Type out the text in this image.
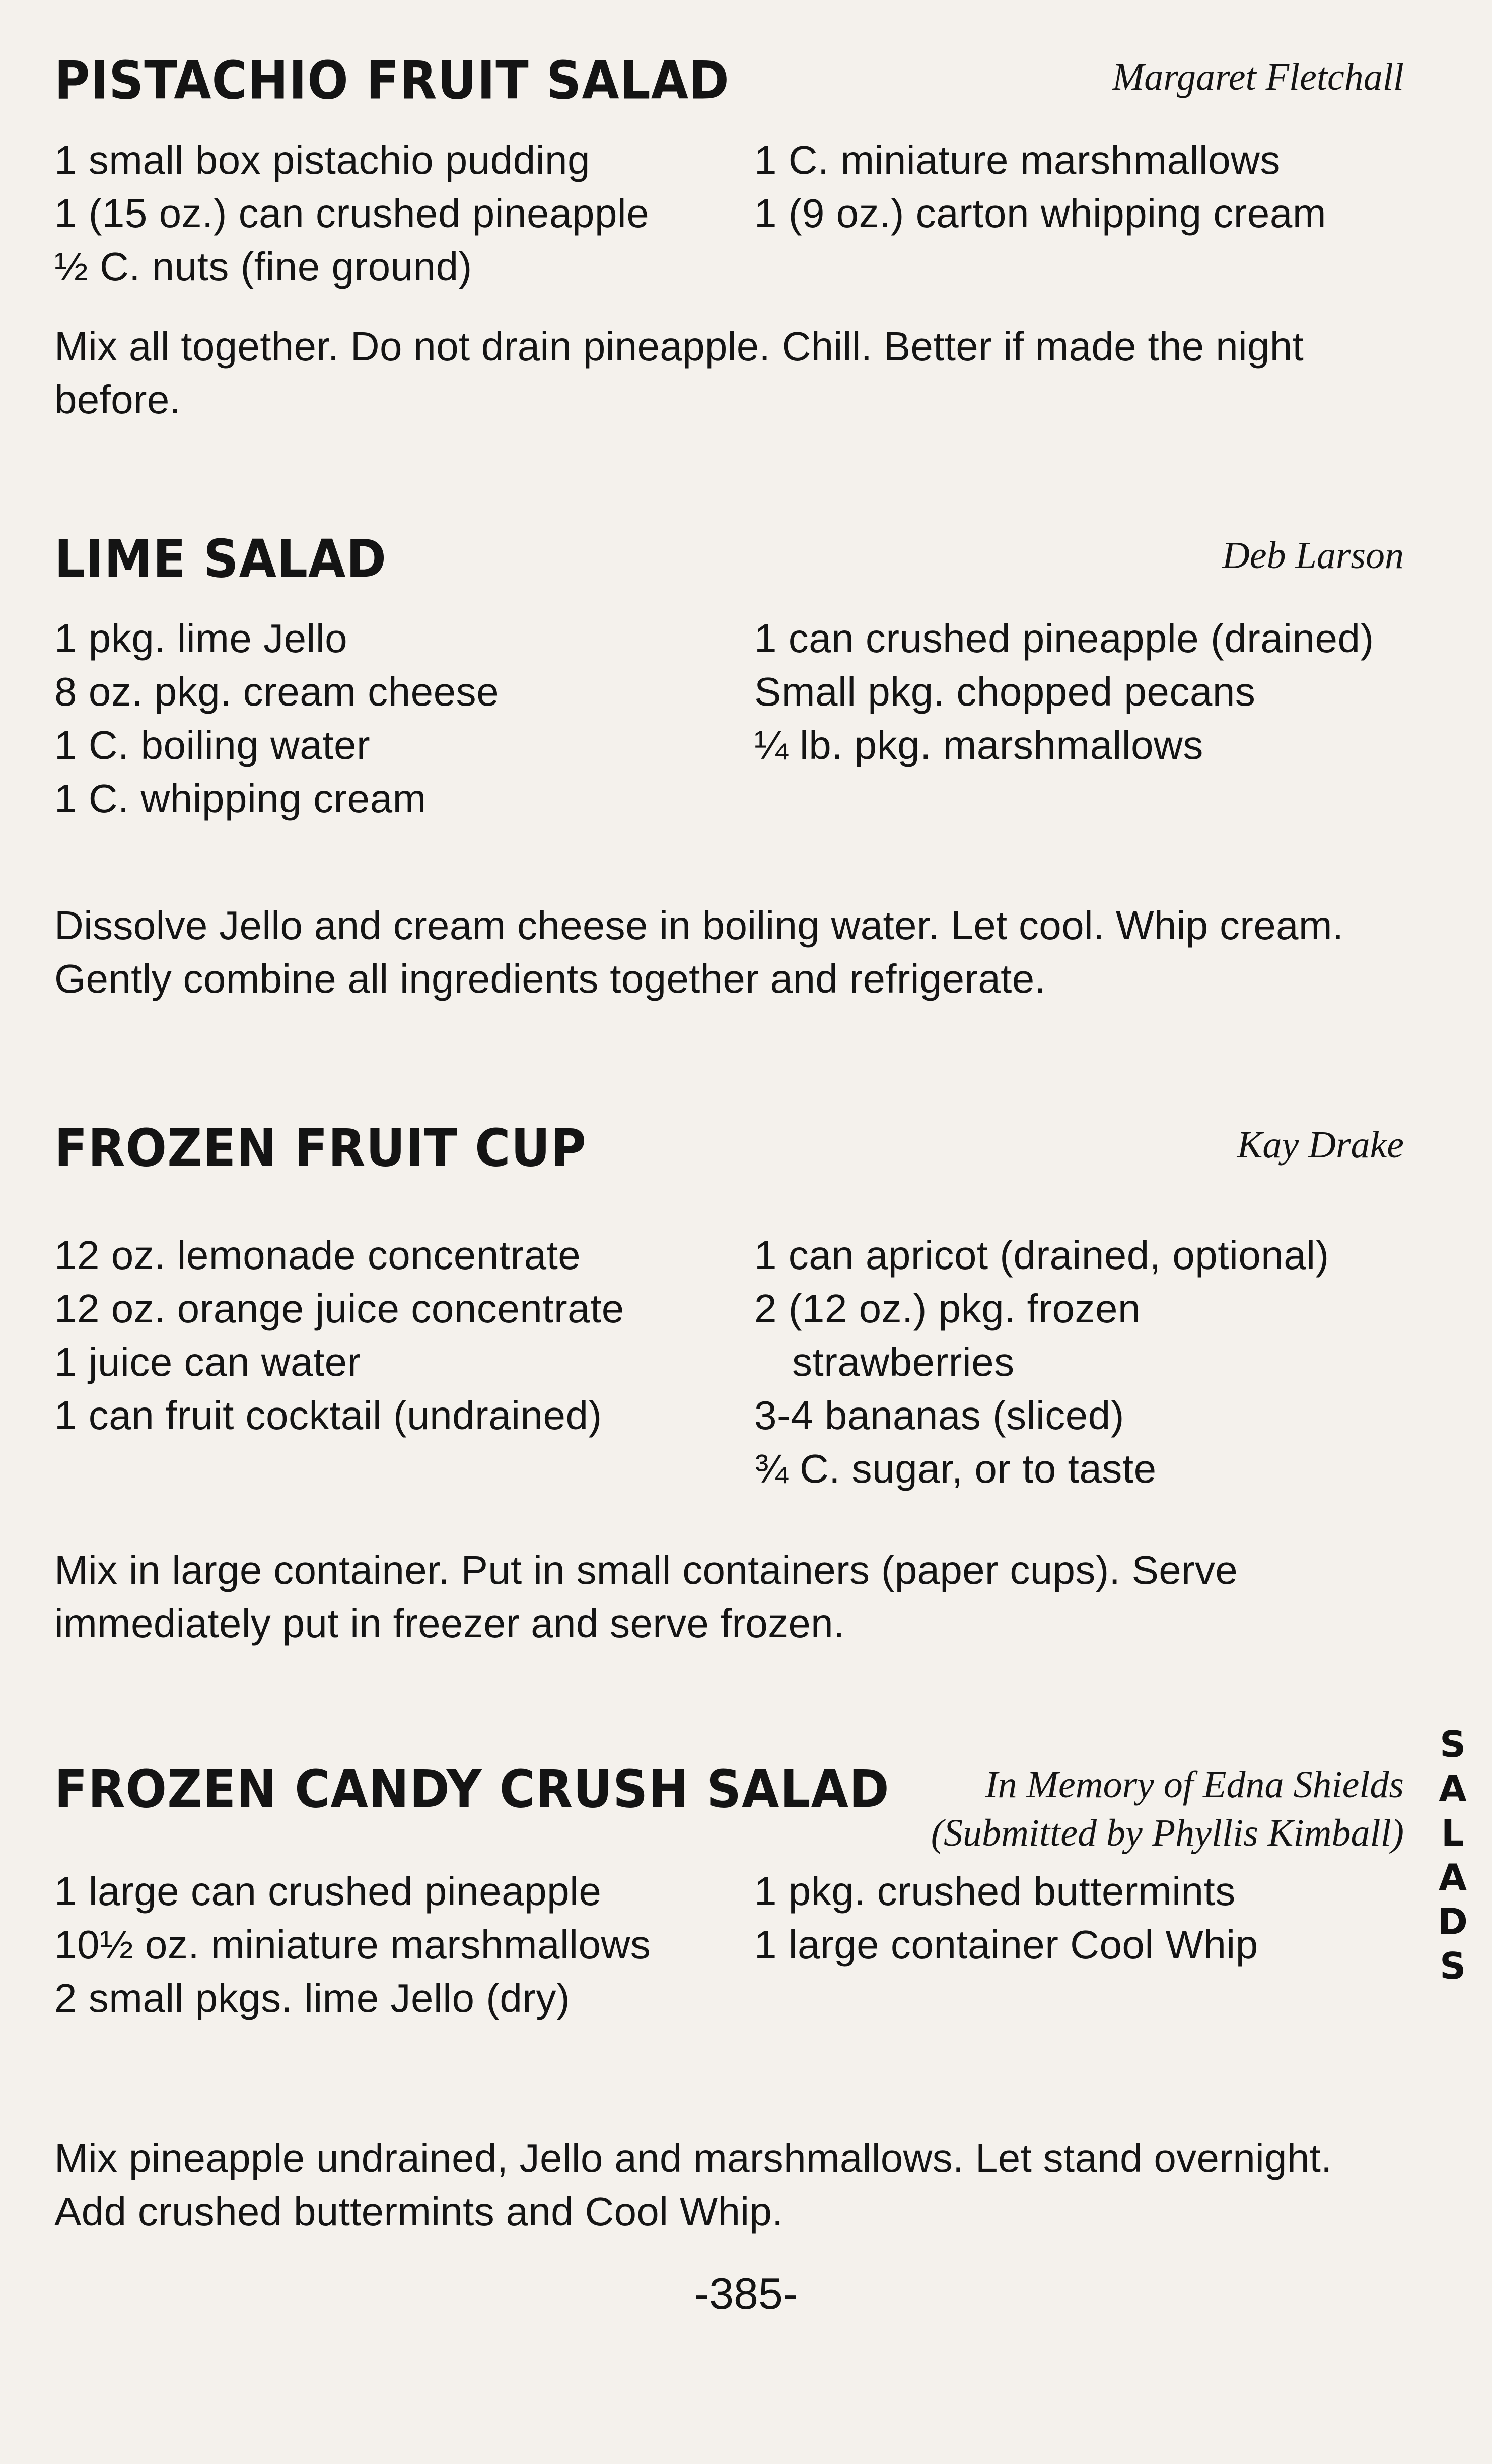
PISTACHIO FRUIT SALAD	Margaret Fletchall
1 small box pistachio pudding
1 (15 oz.) can crushed pineapple
½ C. nuts (fine ground)
1 C. miniature marshmallows
1 (9 oz.) carton whipping cream
Mix all together. Do not drain pineapple. Chill. Better if made the night before.
LIME SALAD	Deb Larson
1 pkg. lime Jello
8 oz. pkg. cream cheese
1 C. boiling water
1 C. whipping cream
1 can crushed pineapple (drained)
Small pkg. chopped pecans
¼ lb. pkg. marshmallows
Dissolve Jello and cream cheese in boiling water. Let cool. Whip cream. Gently combine all ingredients together and refrigerate.
FROZEN FRUIT CUP	Kay Drake
12 oz. lemonade concentrate
12 oz. orange juice concentrate
1 juice can water
1 can fruit cocktail (undrained)
1 can apricot (drained, optional)
2 (12 oz.) pkg. frozen
strawberries
3-4 bananas (sliced)
¾ C. sugar, or to taste
Mix in large container. Put in small containers (paper cups). Serve immediately put in freezer and serve frozen.
FROZEN CANDY CRUSH SALAD	In Memory of Edna Shields
(Submitted by Phyllis Kimball)
1 large can crushed pineapple
10½ oz. miniature marshmallows
2 small pkgs. lime Jello (dry)
1 pkg. crushed buttermints
1 large container Cool Whip
Mix pineapple undrained, Jello and marshmallows. Let stand overnight. Add crushed buttermints and Cool Whip.
S
A
L
A
D
S
-385-
